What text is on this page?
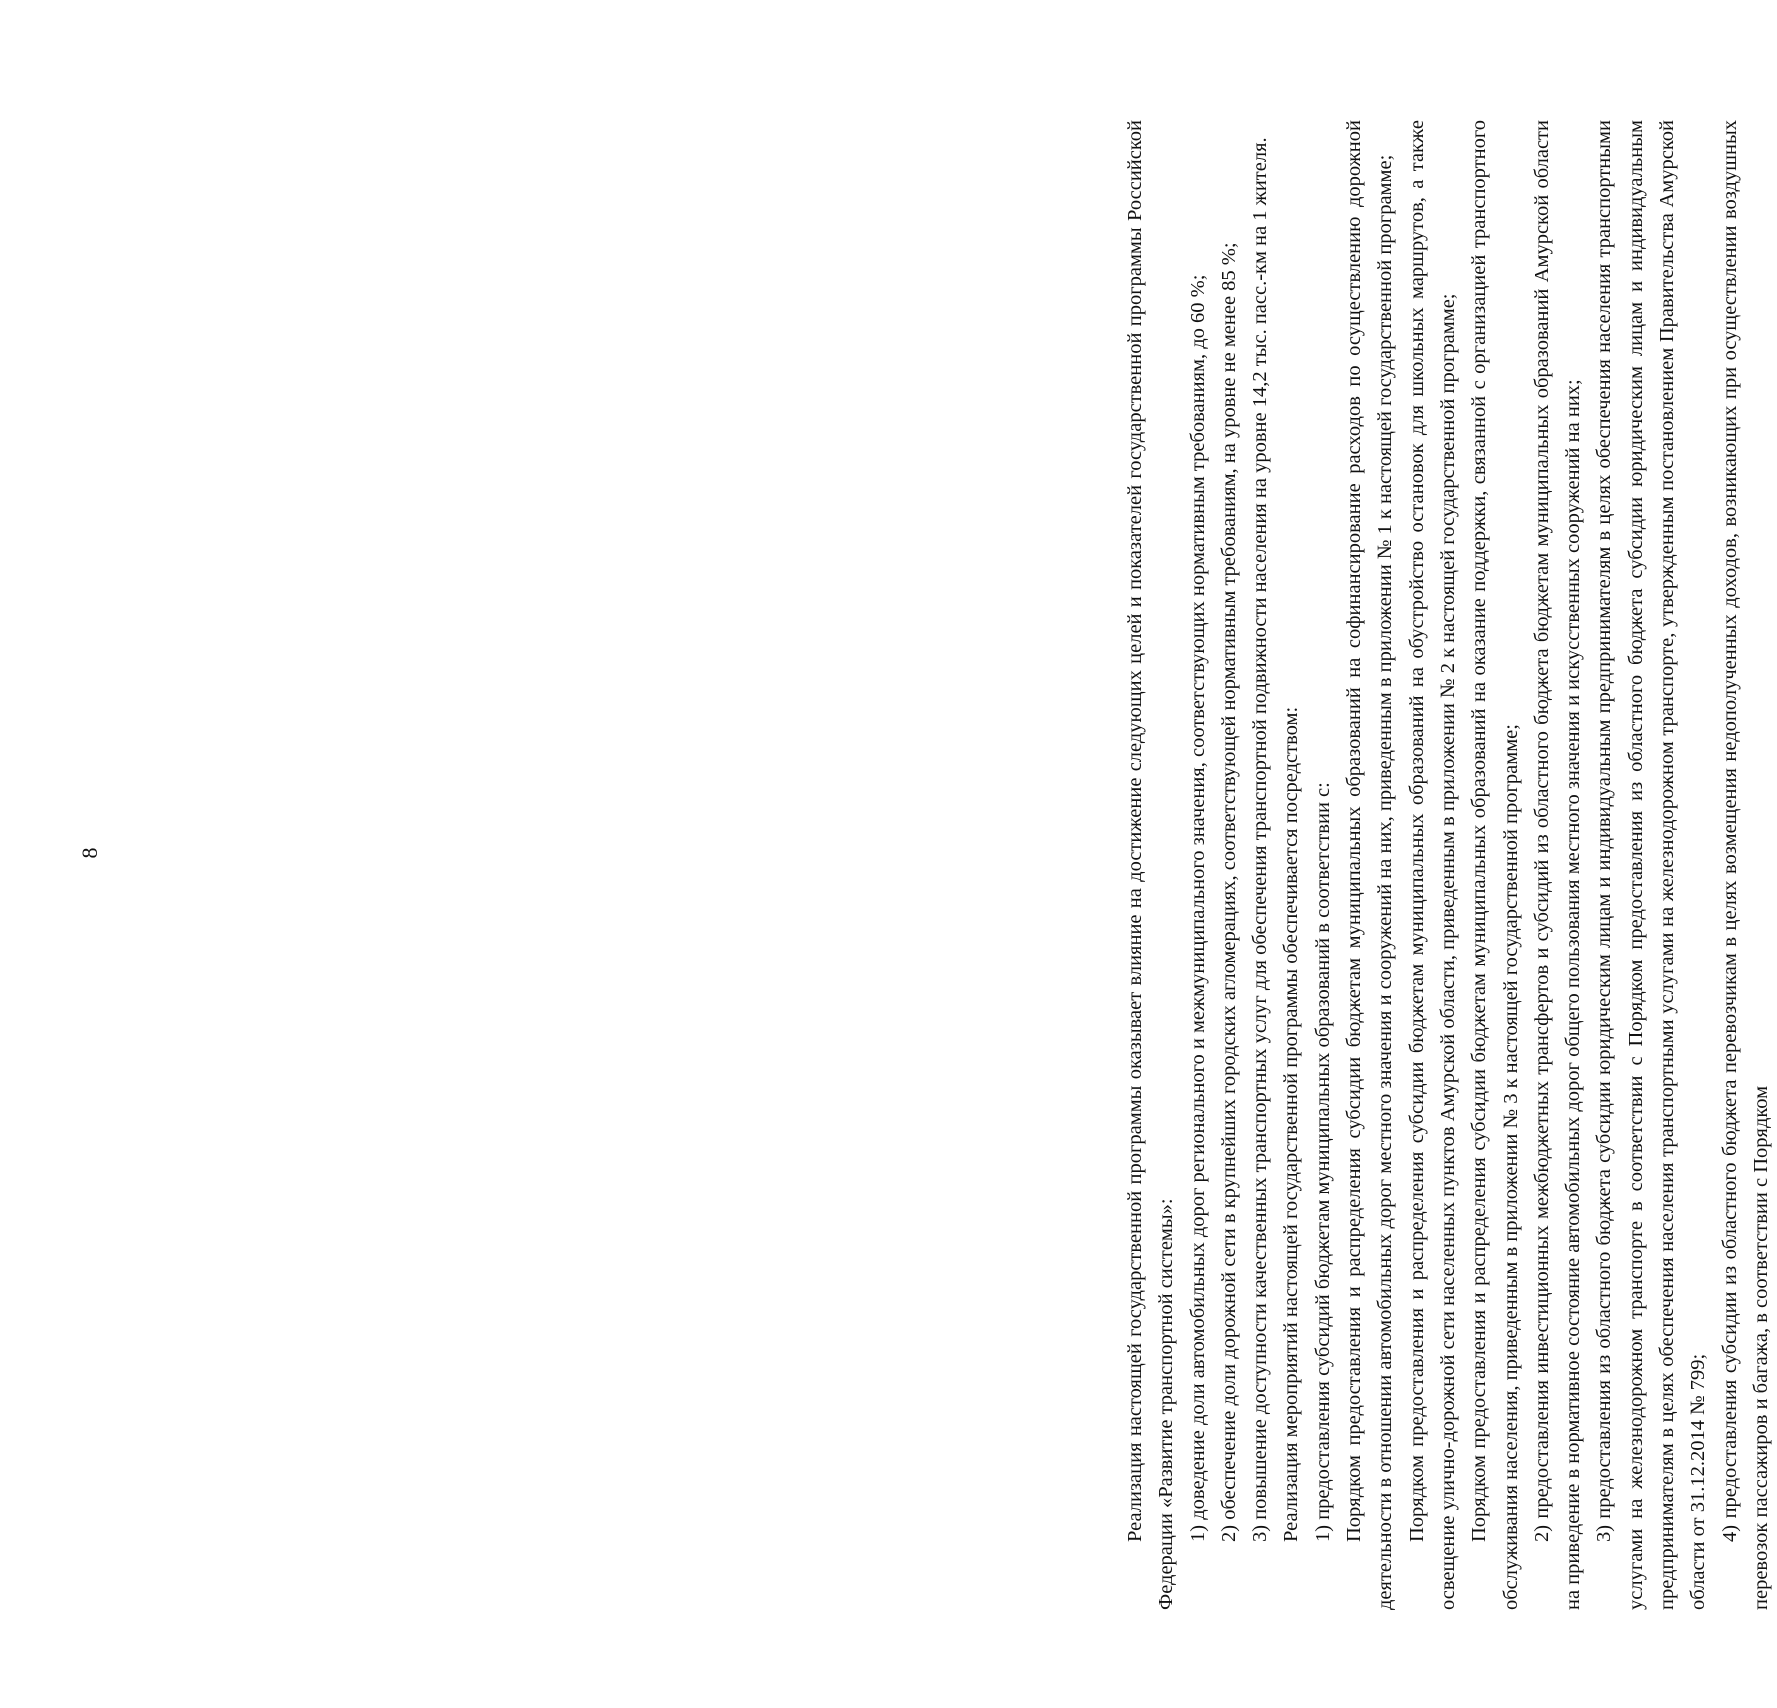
8	Реализация настоящей государственной программы оказывает влияние на достижение следующих целей и показателей государственной программы Российской Федерации «Развитие транспортной системы»: 1) доведение доли автомобильных дорог регионального и межмуниципального значения, соответствующих нормативным требованиям, до 60 %; 2) обеспечение доли дорожной сети в крупнейших городских агломерациях, соответствующей нормативным требованиям, на уровне не менее 85 %; 3) повышение доступности качественных транспортных услуг для обеспечения транспортной подвижности населения на уровне 14,2 тыс. пасс.-км на 1 жителя. Реализация мероприятий настоящей государственной программы обеспечивается посредством: 1) предоставления субсидий бюджетам муниципальных образований в соответствии с: Порядком предоставления и распределения субсидии бюджетам муниципальных образований на софинансирование расходов по осуществлению дорожной деятельности в отношении автомобильных дорог местного значения и сооружений на них, приведенным в приложении № 1 к настоящей государственной программе; Порядком предоставления и распределения субсидии бюджетам муниципальных образований на обустройство остановок для школьных маршрутов, а также освещение улично-дорожной сети населенных пунктов Амурской области, приведенным в приложении № 2 к настоящей государственной программе; Порядком предоставления и распределения субсидии бюджетам муниципальных образований на оказание поддержки, связанной с организацией транспортного обслуживания населения, приведенным в приложении № 3 к настоящей государственной программе; 2) предоставления инвестиционных межбюджетных трансфертов и субсидий из областного бюджета бюджетам муниципальных образований Амурской области на приведение в нормативное состояние автомобильных дорог общего пользования местного значения и искусственных сооружений на них; 3) предоставления из областного бюджета субсидии юридическим лицам и индивидуальным предпринимателям в целях обеспечения населения транспортными услугами на железнодорожном транспорте в соответствии с Порядком предоставления из областного бюджета субсидии юридическим лицам и индивидуальным предпринимателям в целях обеспечения населения транспортными услугами на железнодорожном транспорте, утвержденным постановлением Правительства Амурской области от 31.12.2014 № 799; 4) предоставления субсидии из областного бюджета перевозчикам в целях возмещения недополученных доходов, возникающих при осуществлении воздушных перевозок пассажиров и багажа, в соответствии с Порядком
